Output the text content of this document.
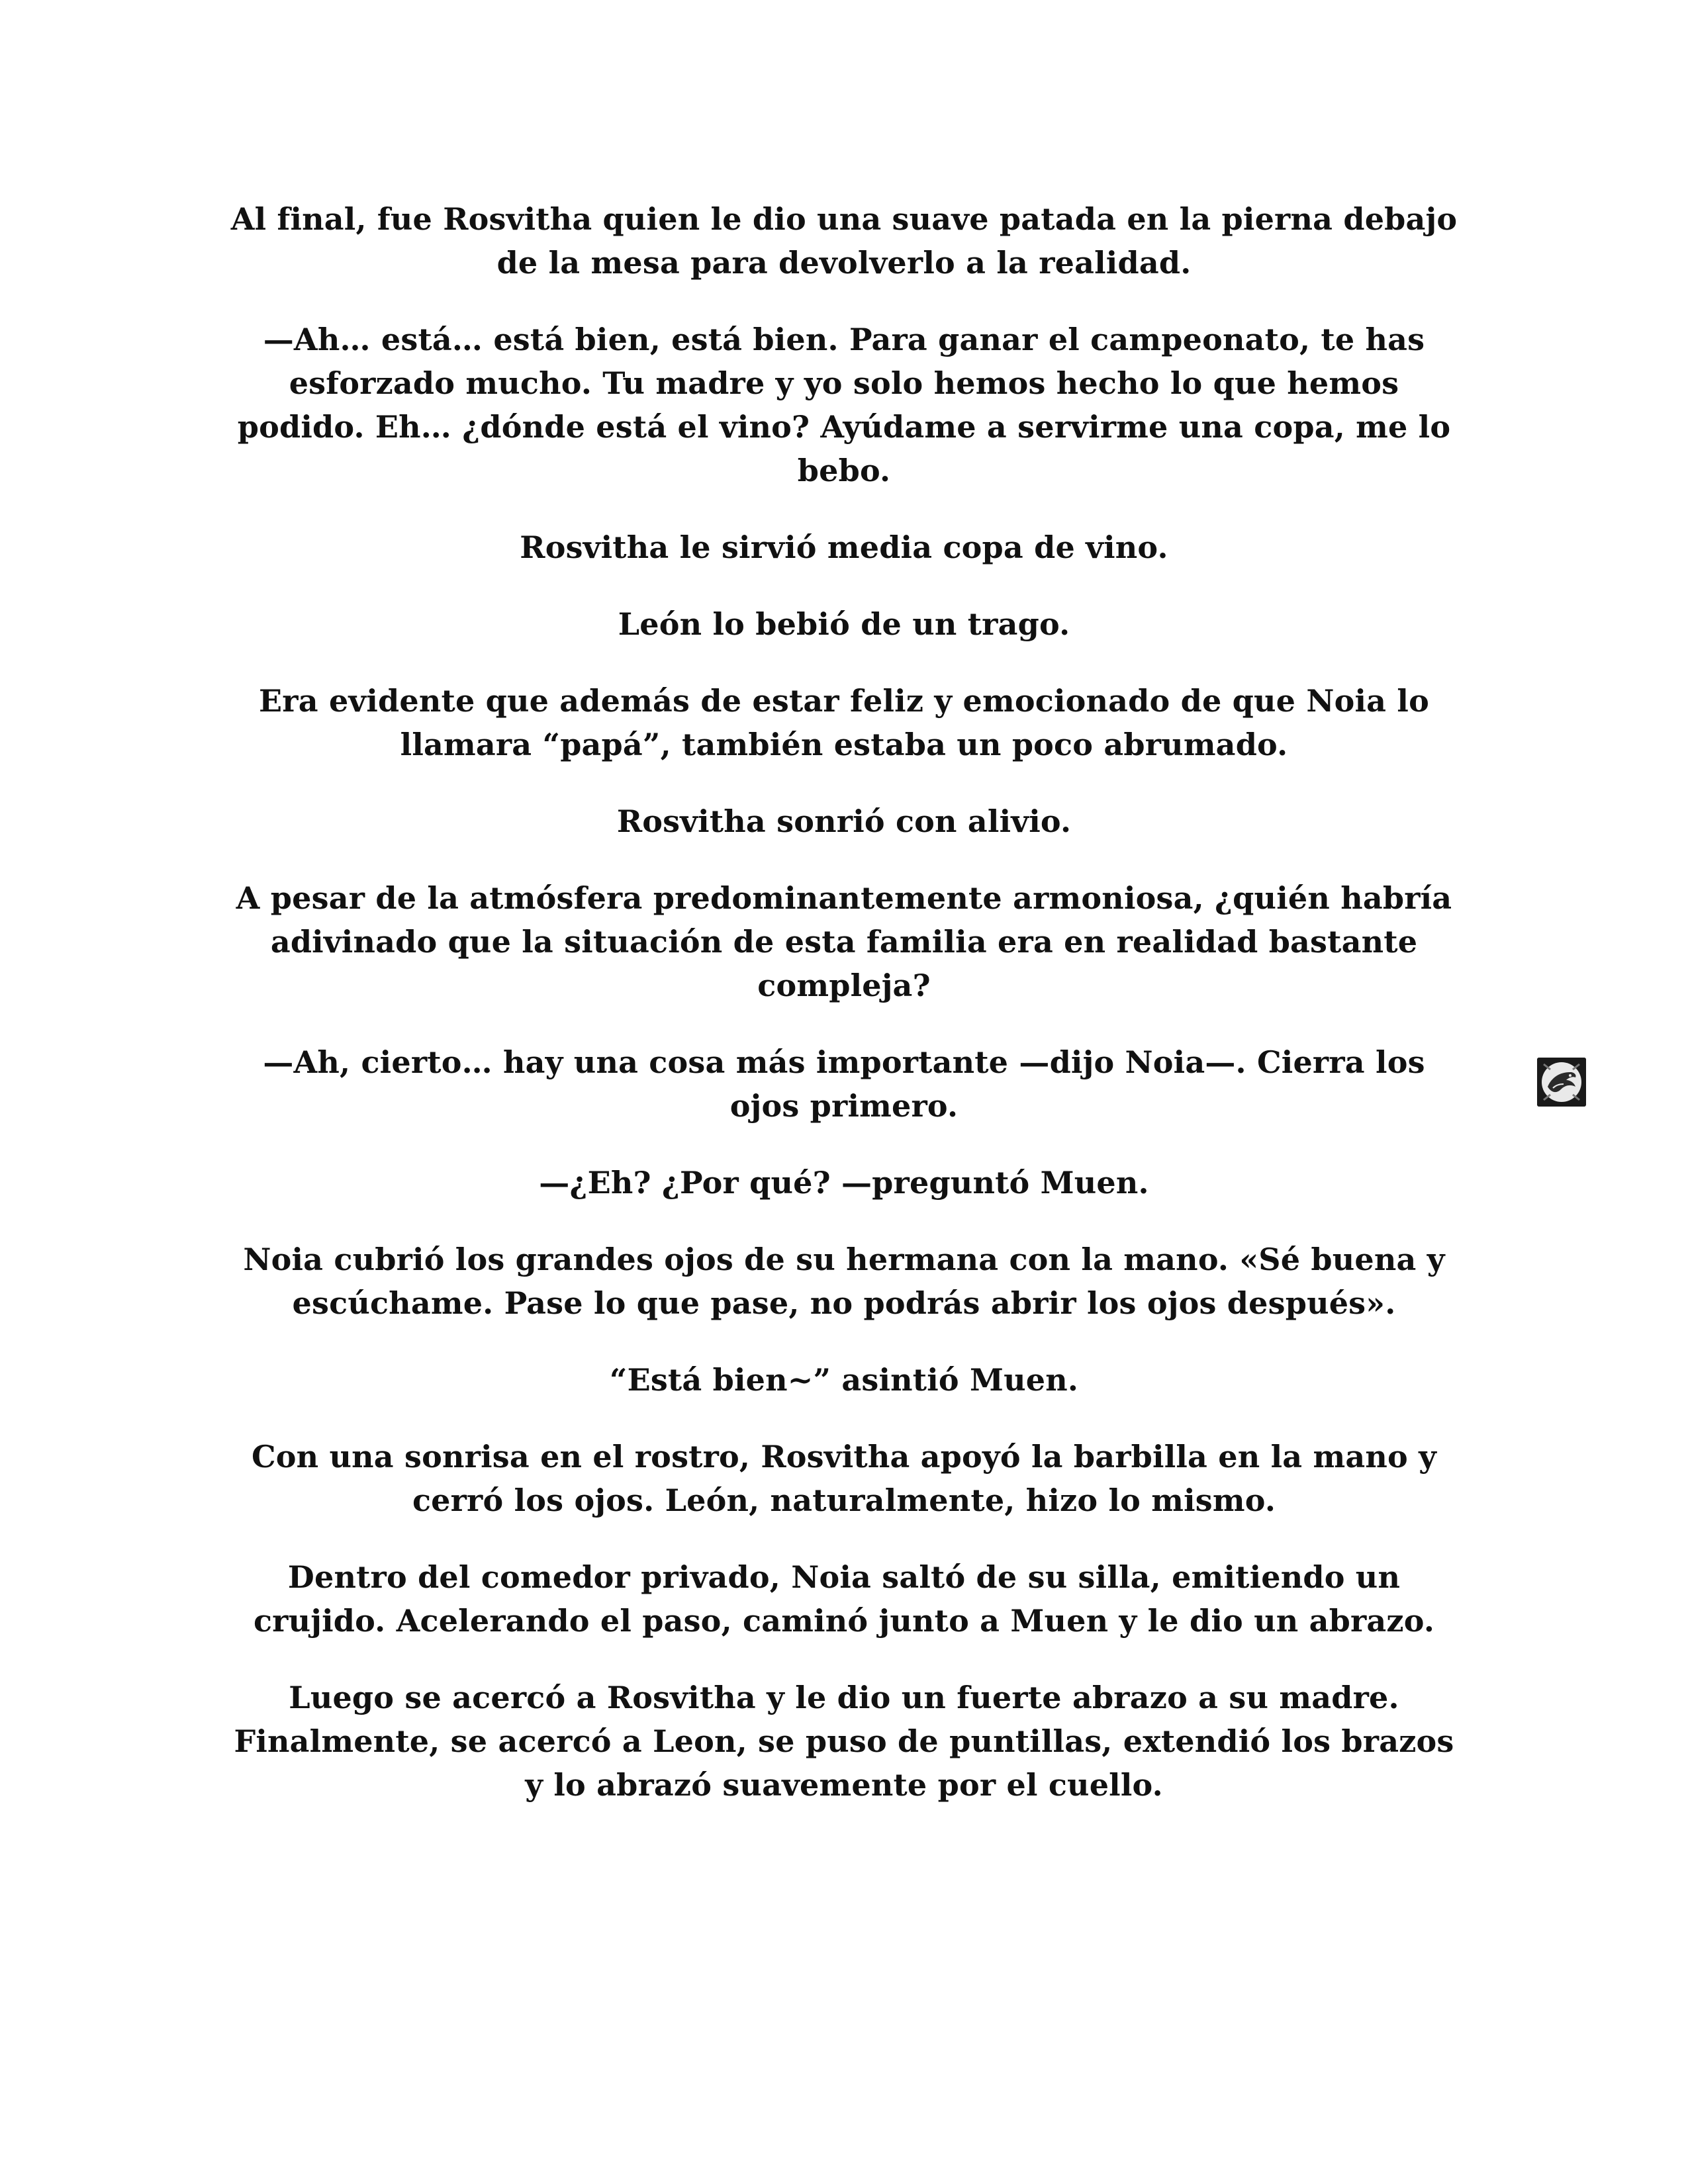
Al final, fue Rosvitha quien le dio una suave patada en la pierna debajo de la mesa para devolverlo a la realidad.

—Ah… está… está bien, está bien. Para ganar el campeonato, te has esforzado mucho. Tu madre y yo solo hemos hecho lo que hemos podido. Eh… ¿dónde está el vino? Ayúdame a servirme una copa, me lo bebo.

Rosvitha le sirvió media copa de vino.

León lo bebió de un trago.

Era evidente que además de estar feliz y emocionado de que Noia lo llamara “papá”, también estaba un poco abrumado.

Rosvitha sonrió con alivio.

A pesar de la atmósfera predominantemente armoniosa, ¿quién habría adivinado que la situación de esta familia era en realidad bastante compleja?

—Ah, cierto… hay una cosa más importante —dijo Noia—. Cierra los ojos primero.

—¿Eh? ¿Por qué? —preguntó Muen.

Noia cubrió los grandes ojos de su hermana con la mano. «Sé buena y escúchame. Pase lo que pase, no podrás abrir los ojos después».

“Está bien~” asintió Muen.

Con una sonrisa en el rostro, Rosvitha apoyó la barbilla en la mano y cerró los ojos. León, naturalmente, hizo lo mismo.

Dentro del comedor privado, Noia saltó de su silla, emitiendo un crujido. Acelerando el paso, caminó junto a Muen y le dio un abrazo.

Luego se acercó a Rosvitha y le dio un fuerte abrazo a su madre. Finalmente, se acercó a Leon, se puso de puntillas, extendió los brazos y lo abrazó suavemente por el cuello.
